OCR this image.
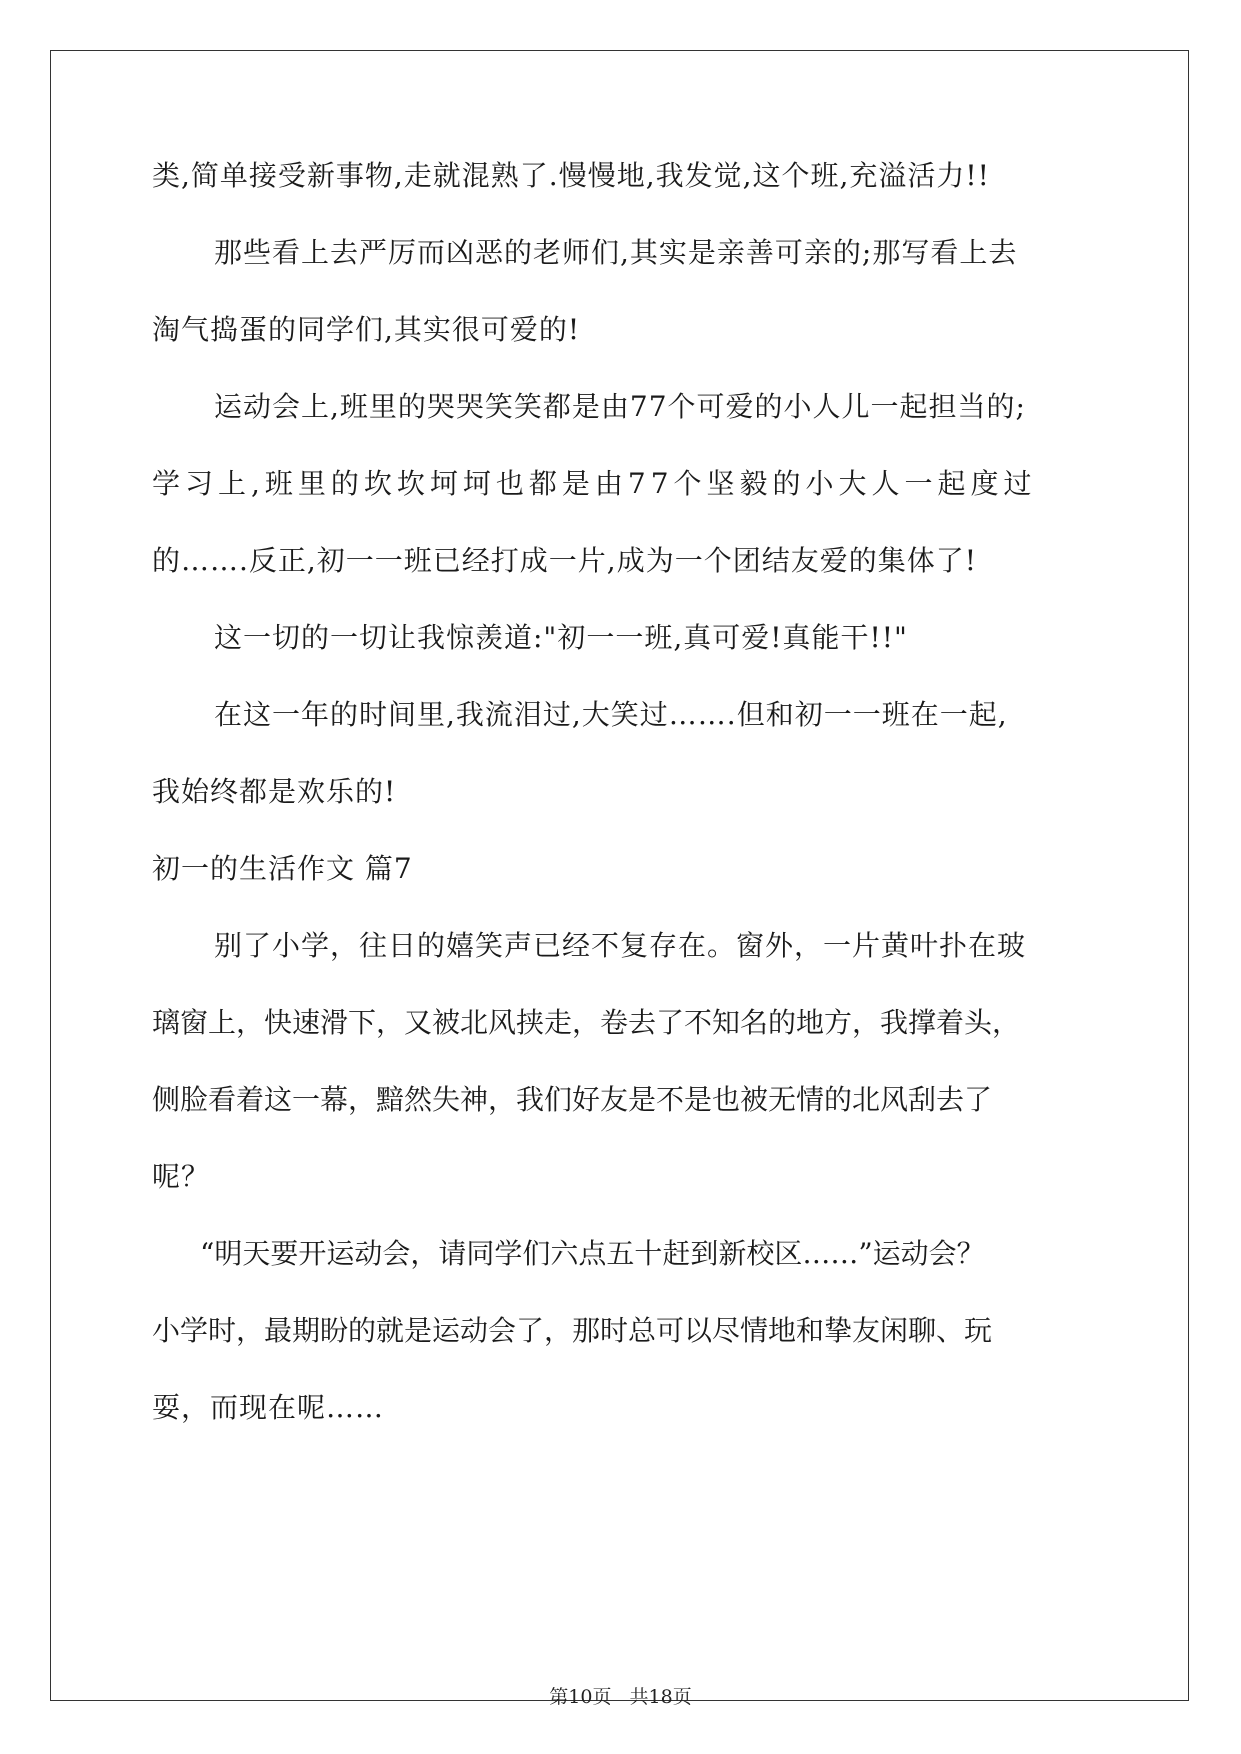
类,简单接受新事物,走就混熟了.慢慢地,我发觉,这个班,充溢活力!!
那些看上去严厉而凶恶的老师们,其实是亲善可亲的;那写看上去
淘气捣蛋的同学们,其实很可爱的!
运动会上,班里的哭哭笑笑都是由77个可爱的小人儿一起担当的;
学习上,班里的坎坎坷坷也都是由77个坚毅的小大人一起度过
的…….反正,初一一班已经打成一片,成为一个团结友爱的集体了!
这一切的一切让我惊羡道:"初一一班,真可爱!真能干!!"
在这一年的时间里,我流泪过,大笑过…….但和初一一班在一起,
我始终都是欢乐的!
初一的生活作文 篇7
别了小学，往日的嬉笑声已经不复存在。窗外，一片黄叶扑在玻
璃窗上，快速滑下，又被北风挟走，卷去了不知名的地方，我撑着头，
侧脸看着这一幕，黯然失神，我们好友是不是也被无情的北风刮去了
呢？
“明天要开运动会，请同学们六点五十赶到新校区……”运动会？
小学时，最期盼的就是运动会了，那时总可以尽情地和挚友闲聊、玩
耍，而现在呢……
第10页 共18页
